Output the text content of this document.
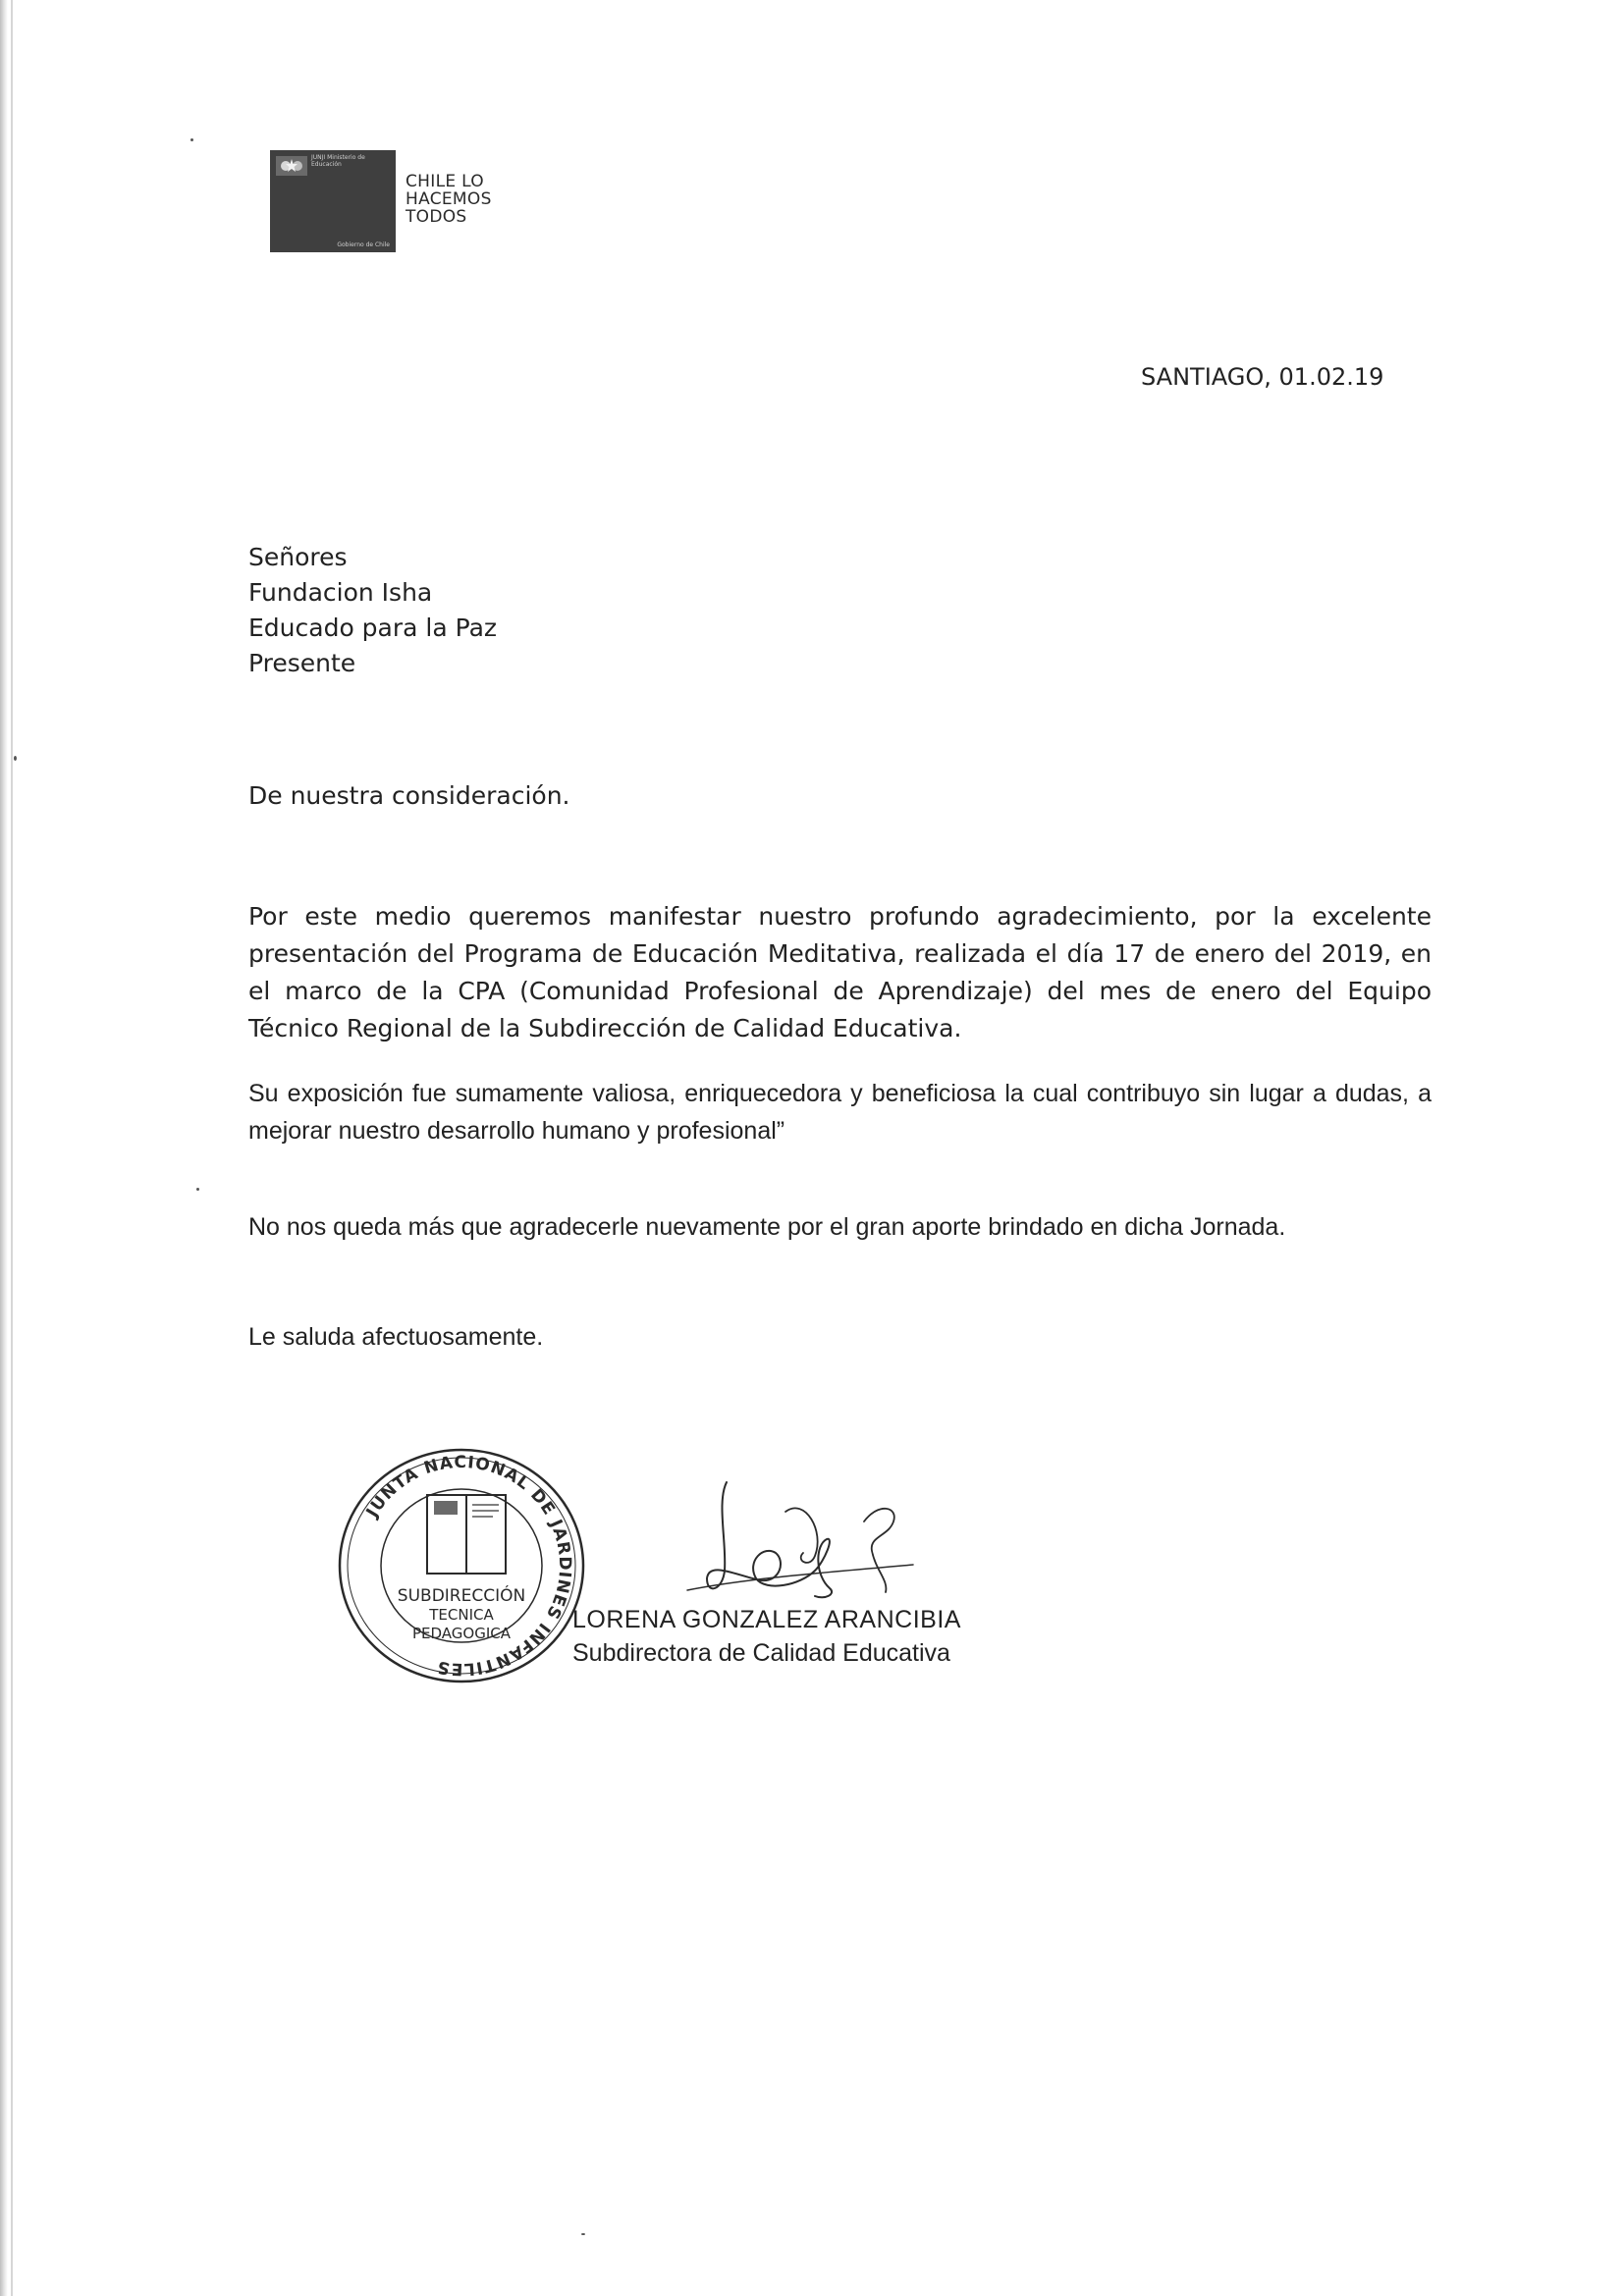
JUNJI Ministerio de Educación
Gobierno de Chile
CHILE LO
HACEMOS
TODOS
SANTIAGO, 01.02.19
Señores
Fundacion Isha
Educado para la Paz
Presente
De nuestra consideración.
Por este medio queremos manifestar nuestro profundo agradecimiento, por la excelente presentación del Programa de Educación Meditativa, realizada el día 17 de enero del 2019, en el marco de la CPA (Comunidad Profesional de Aprendizaje) del mes de enero del Equipo Técnico Regional de la Subdirección de Calidad Educativa.
Su exposición fue sumamente valiosa, enriquecedora y beneficiosa la cual contribuyo sin lugar a dudas, a mejorar nuestro desarrollo humano y profesional”
No nos queda más que agradecerle nuevamente por el gran aporte brindado en dicha Jornada.
Le saluda afectuosamente.
JUNTA NACIONAL DE JARDINES INFANTILES
SUBDIRECCIÓN
TECNICA
PEDAGOGICA	LORENA GONZALEZ ARANCIBIA
Subdirectora de Calidad Educativa
